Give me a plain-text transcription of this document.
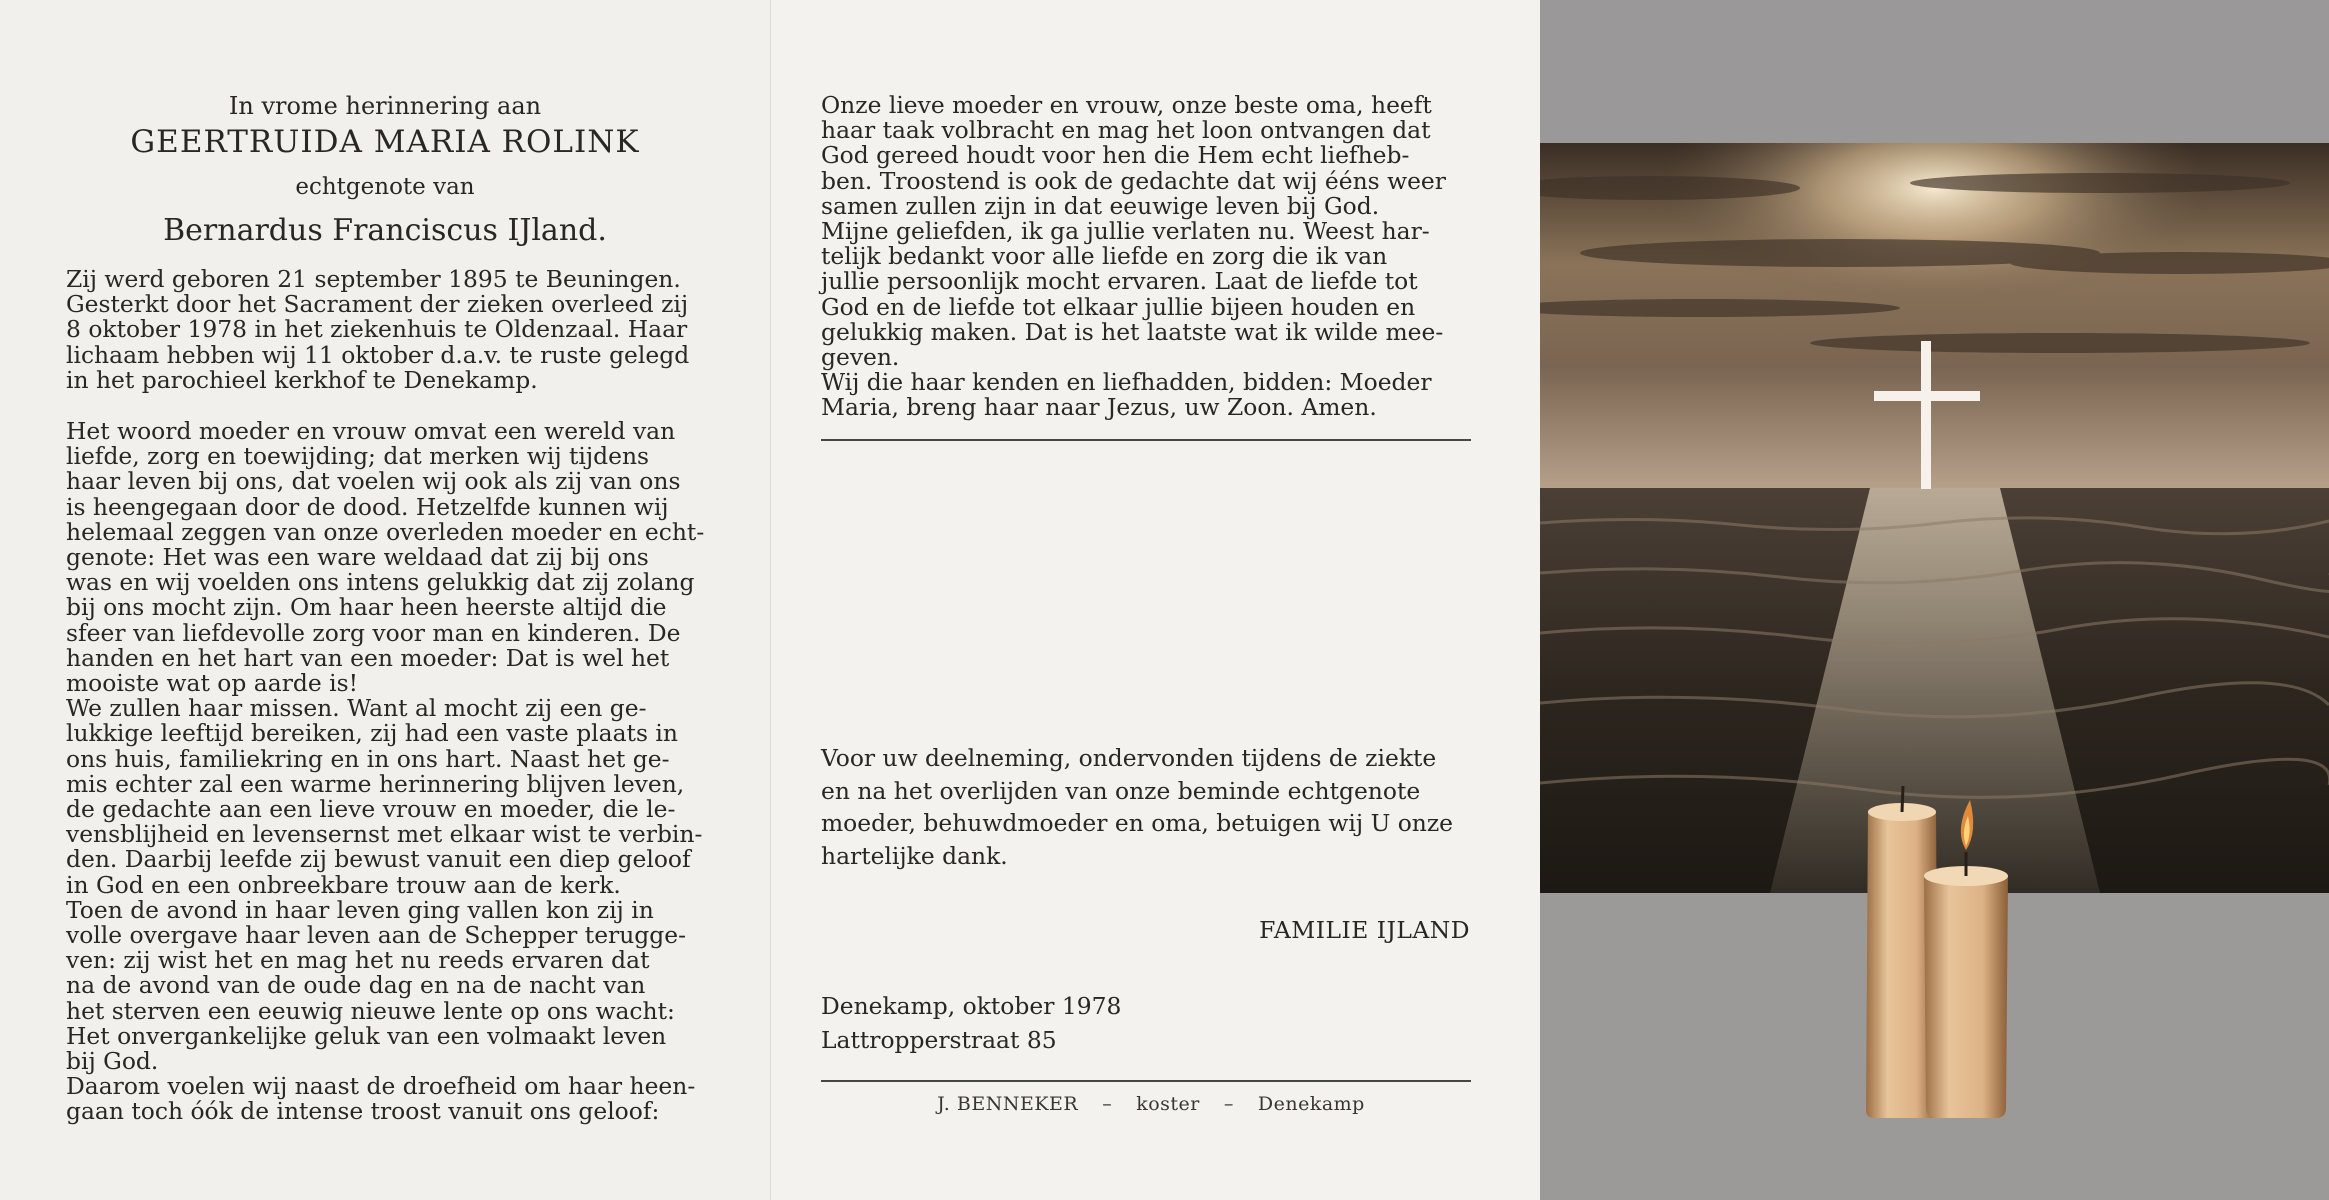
In vrome herinnering aan
GEERTRUIDA MARIA ROLINK
echtgenote van
Bernardus Franciscus IJland.

Zij werd geboren 21 september 1895 te Beuningen.
Gesterkt door het Sacrament der zieken overleed zij
8 oktober 1978 in het ziekenhuis te Oldenzaal. Haar
lichaam hebben wij 11 oktober d.a.v. te ruste gelegd
in het parochieel kerkhof te Denekamp.

Het woord moeder en vrouw omvat een wereld van
liefde, zorg en toewijding; dat merken wij tijdens
haar leven bij ons, dat voelen wij ook als zij van ons
is heengegaan door de dood. Hetzelfde kunnen wij
helemaal zeggen van onze overleden moeder en echt-
genote: Het was een ware weldaad dat zij bij ons
was en wij voelden ons intens gelukkig dat zij zolang
bij ons mocht zijn. Om haar heen heerste altijd die
sfeer van liefdevolle zorg voor man en kinderen. De
handen en het hart van een moeder: Dat is wel het
mooiste wat op aarde is!
We zullen haar missen. Want al mocht zij een ge-
lukkige leeftijd bereiken, zij had een vaste plaats in
ons huis, familiekring en in ons hart. Naast het ge-
mis echter zal een warme herinnering blijven leven,
de gedachte aan een lieve vrouw en moeder, die le-
vensblijheid en levensernst met elkaar wist te verbin-
den. Daarbij leefde zij bewust vanuit een diep geloof
in God en een onbreekbare trouw aan de kerk.
Toen de avond in haar leven ging vallen kon zij in
volle overgave haar leven aan de Schepper terugge-
ven: zij wist het en mag het nu reeds ervaren dat
na de avond van de oude dag en na de nacht van
het sterven een eeuwig nieuwe lente op ons wacht:
Het onvergankelijke geluk van een volmaakt leven
bij God.
Daarom voelen wij naast de droefheid om haar heen-
gaan toch óók de intense troost vanuit ons geloof:

Onze lieve moeder en vrouw, onze beste oma, heeft
haar taak volbracht en mag het loon ontvangen dat
God gereed houdt voor hen die Hem echt liefheb-
ben. Troostend is ook de gedachte dat wij ééns weer
samen zullen zijn in dat eeuwige leven bij God.
Mijne geliefden, ik ga jullie verlaten nu. Weest har-
telijk bedankt voor alle liefde en zorg die ik van
jullie persoonlijk mocht ervaren. Laat de liefde tot
God en de liefde tot elkaar jullie bijeen houden en
gelukkig maken. Dat is het laatste wat ik wilde mee-
geven.
Wij die haar kenden en liefhadden, bidden: Moeder
Maria, breng haar naar Jezus, uw Zoon. Amen.

Voor uw deelneming, ondervonden tijdens de ziekte
en na het overlijden van onze beminde echtgenote
moeder, behuwdmoeder en oma, betuigen wij U onze
hartelijke dank.

FAMILIE IJLAND
Denekamp, oktober 1978
Lattropperstraat 85
J. BENNEKER – koster – Denekamp
